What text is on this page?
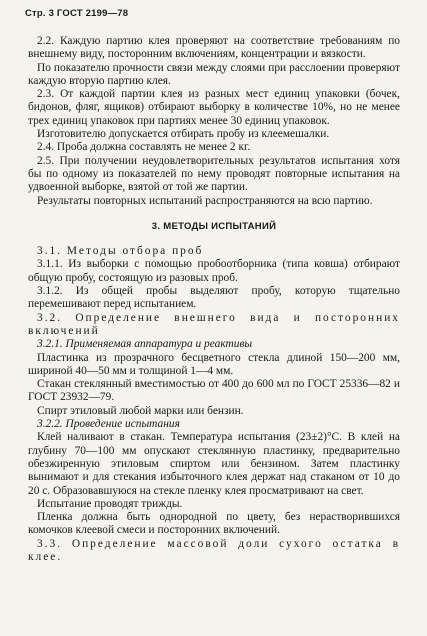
Стр. 3 ГОСТ 2199—78

2.2. Каждую партию клея проверяют на соответствие требованиям по внешнему виду, посторонним включениям, концентрации и вязкости.

По показателю прочности связи между слоями при расслоении проверяют каждую вторую партию клея.

2.3. От каждой партии клея из разных мест единиц упаковки (бочек, бидонов, фляг, ящиков) отбирают выборку в количестве 10%, но не менее трех единиц упаковок при партиях менее 30 единиц упаковок.

Изготовителю допускается отбирать пробу из клеемешалки.

2.4. Проба должна составлять не менее 2 кг.

2.5. При получении неудовлетворительных результатов испытания хотя бы по одному из показателей по нему проводят повторные испытания на удвоенной выборке, взятой от той же партии.

Результаты повторных испытаний распространяются на всю партию.

3. МЕТОДЫ ИСПЫТАНИЙ

3.1. Методы отбора проб

3.1.1. Из выборки с помощью пробоотборника (типа ковша) отбирают общую пробу, состоящую из разовых проб.

3.1.2. Из общей пробы выделяют пробу, которую тщательно перемешивают перед испытанием.

3.2. Определение внешнего вида и посторонних включений

3.2.1. Применяемая аппаратура и реактивы

Пластинка из прозрачного бесцветного стекла длиной 150—200 мм, шириной 40—50 мм и толщиной 1—4 мм.

Стакан стеклянный вместимостью от 400 до 600 мл по ГОСТ 25336—82 и ГОСТ 23932—79.

Спирт этиловый любой марки или бензин.

3.2.2. Проведение испытания

Клей наливают в стакан. Температура испытания (23±2)°С. В клей на глубину 70—100 мм опускают стеклянную пластинку, предварительно обезжиренную этиловым спиртом или бензином. Затем пластинку вынимают и для стекания избыточного клея держат над стаканом от 10 до 20 с. Образовавшуюся на стекле пленку клея просматривают на свет.

Испытание проводят трижды.

Пленка должна быть однородной по цвету, без нерастворившихся комочков клеевой смеси и посторонних включений.

3.3. Определение массовой доли сухого остатка в клее.
